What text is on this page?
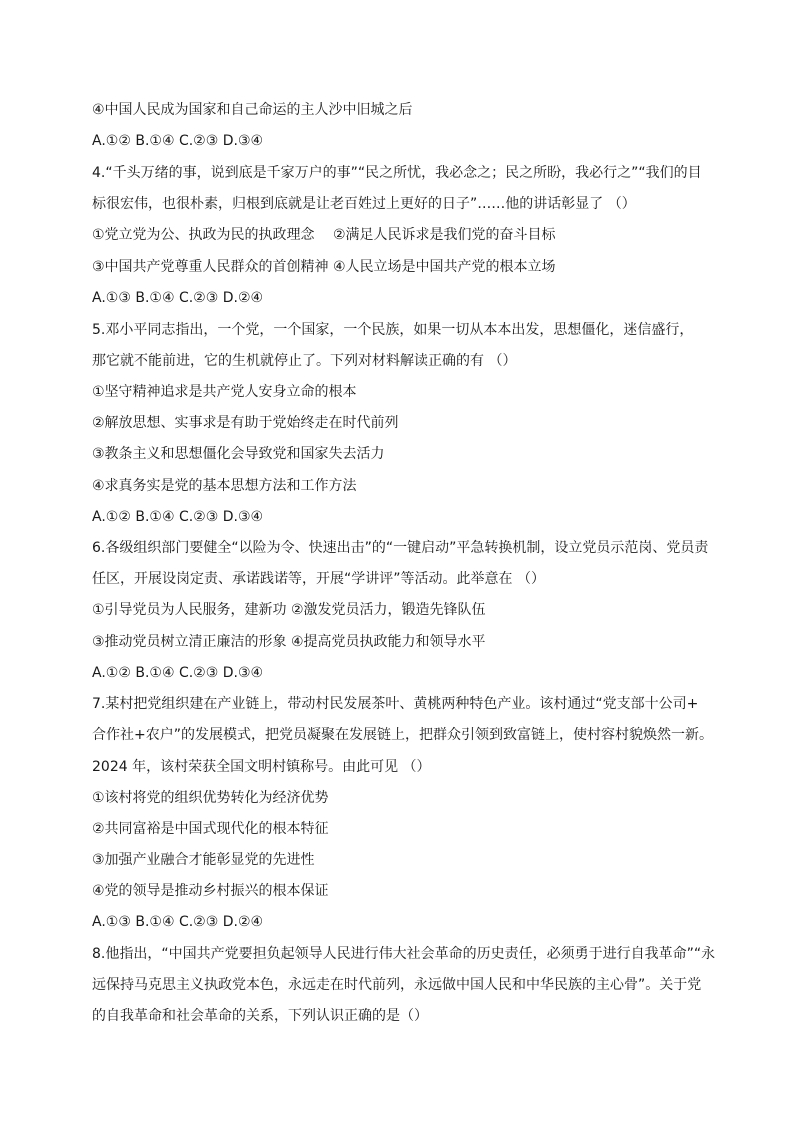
④中国人民成为国家和自己命运的主人沙中旧城之后
A.①② B.①④ C.②③ D.③④
4.“千头万绪的事，说到底是千家万户的事”“民之所忧，我必念之；民之所盼，我必行之”“我们的目
标很宏伟，也很朴素，归根到底就是让老百姓过上更好的日子”……他的讲话彰显了 （）
①党立党为公、执政为民的执政理念　 ②满足人民诉求是我们党的奋斗目标
③中国共产党尊重人民群众的首创精神 ④人民立场是中国共产党的根本立场
A.①③ B.①④ C.②③ D.②④
5.邓小平同志指出，一个党，一个国家，一个民族，如果一切从本本出发，思想僵化，迷信盛行，
那它就不能前进，它的生机就停止了。下列对材料解读正确的有 （）
①坚守精神追求是共产党人安身立命的根本
②解放思想、实事求是有助于党始终走在时代前列
③教条主义和思想僵化会导致党和国家失去活力
④求真务实是党的基本思想方法和工作方法
A.①② B.①④ C.②③ D.③④
6.各级组织部门要健全“以险为令、快速出击”的“一键启动”平急转换机制，设立党员示范岗、党员责
任区，开展设岗定责、承诺践诺等，开展“学讲评”等活动。此举意在 （）
①引导党员为人民服务，建新功 ②激发党员活力，锻造先锋队伍
③推动党员树立清正廉洁的形象 ④提高党员执政能力和领导水平
A.①② B.①④ C.②③ D.③④
7.某村把党组织建在产业链上，带动村民发展茶叶、黄桃两种特色产业。该村通过“党支部十公司+
合作社+农户”的发展模式，把党员凝聚在发展链上，把群众引领到致富链上，使村容村貌焕然一新。
2024 年，该村荣获全国文明村镇称号。由此可见 （）
①该村将党的组织优势转化为经济优势
②共同富裕是中国式现代化的根本特征
③加强产业融合才能彰显党的先进性
④党的领导是推动乡村振兴的根本保证
A.①③ B.①④ C.②③ D.②④
8.他指出，“中国共产党要担负起领导人民进行伟大社会革命的历史责任，必须勇于进行自我革命”“永
远保持马克思主义执政党本色，永远走在时代前列，永远做中国人民和中华民族的主心骨”。关于党
的自我革命和社会革命的关系，下列认识正确的是（）
